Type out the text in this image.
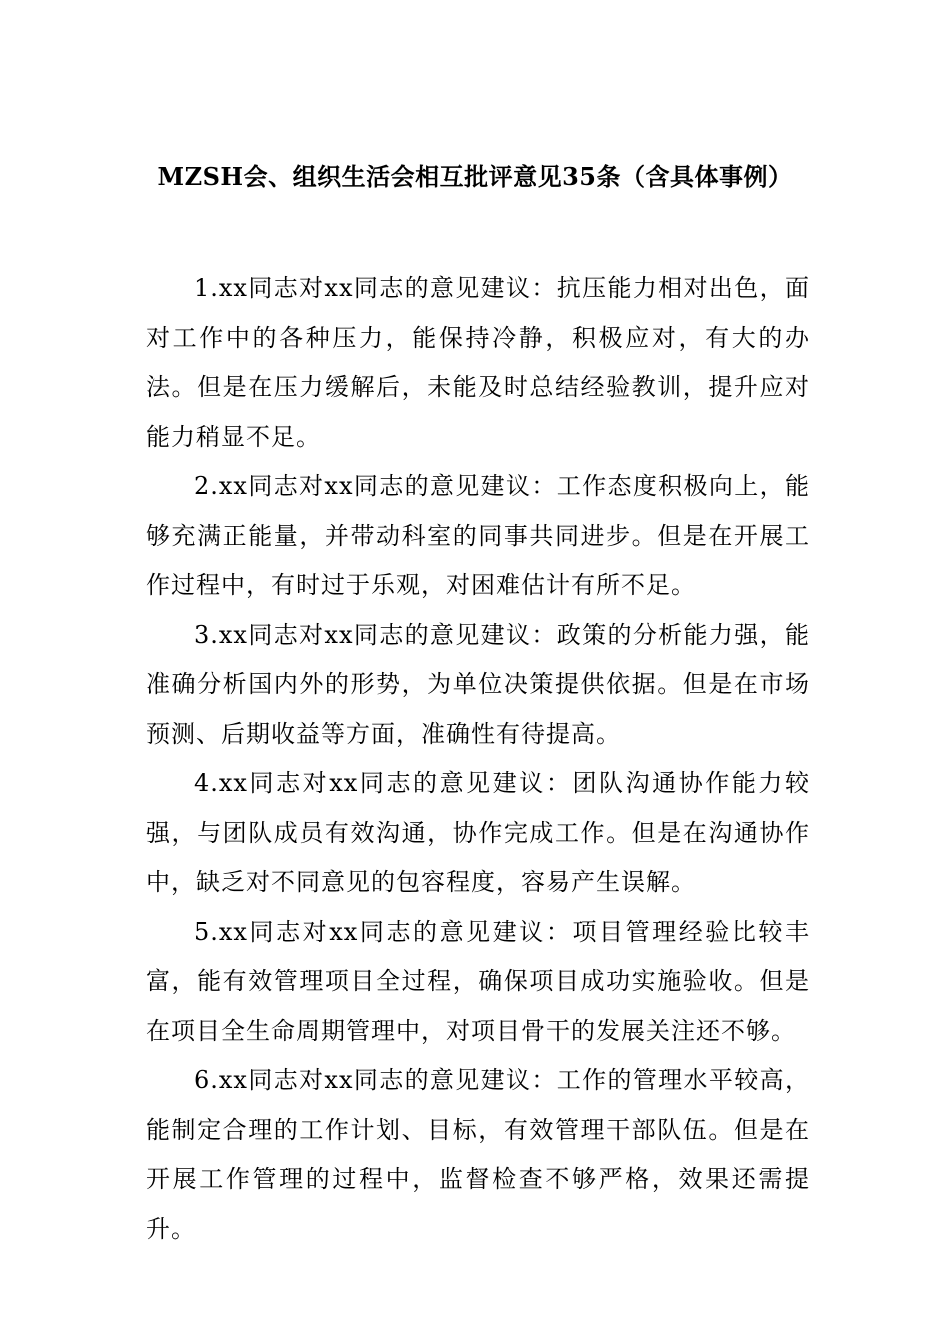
MZSH会、组织生活会相互批评意见35条（含具体事例）

1.xx同志对xx同志的意见建议：抗压能力相对出色，面对工作中的各种压力，能保持冷静，积极应对，有大的办法。但是在压力缓解后，未能及时总结经验教训，提升应对能力稍显不足。

2.xx同志对xx同志的意见建议：工作态度积极向上，能够充满正能量，并带动科室的同事共同进步。但是在开展工作过程中，有时过于乐观，对困难估计有所不足。

3.xx同志对xx同志的意见建议：政策的分析能力强，能准确分析国内外的形势，为单位决策提供依据。但是在市场预测、后期收益等方面，准确性有待提高。

4.xx同志对xx同志的意见建议：团队沟通协作能力较强，与团队成员有效沟通，协作完成工作。但是在沟通协作中，缺乏对不同意见的包容程度，容易产生误解。

5.xx同志对xx同志的意见建议：项目管理经验比较丰富，能有效管理项目全过程，确保项目成功实施验收。但是在项目全生命周期管理中，对项目骨干的发展关注还不够。

6.xx同志对xx同志的意见建议：工作的管理水平较高，能制定合理的工作计划、目标，有效管理干部队伍。但是在开展工作管理的过程中，监督检查不够严格，效果还需提升。
